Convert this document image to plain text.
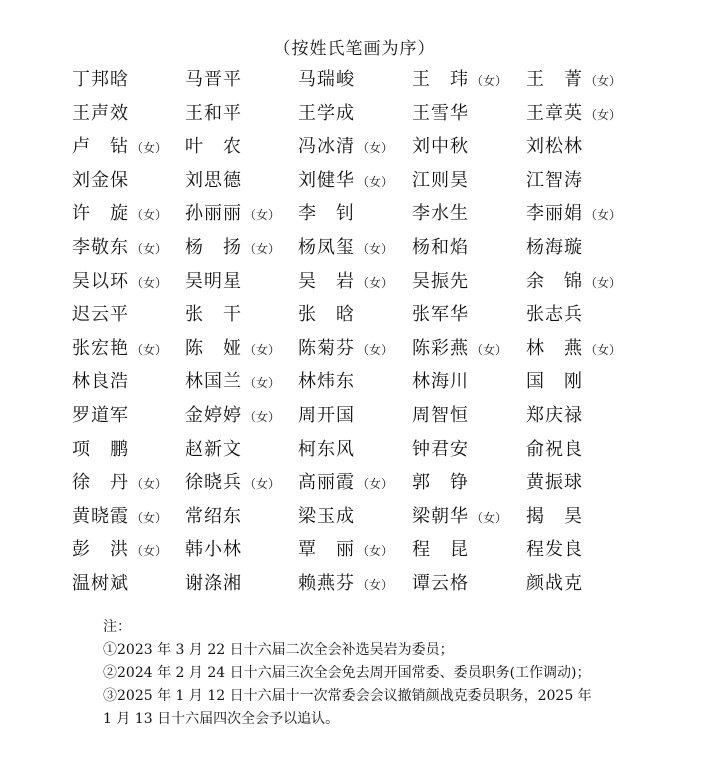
（按姓氏笔画为序）
丁邦晗	马晋平	马瑞峻	王　玮 （女） 王　菁 （女）
王声效	王和平	王学成	王雪华	王章英 （女）
卢　钻 （女） 叶　农	冯冰清 （女） 刘中秋	刘松林
刘金保	刘思德	刘健华 （女） 江则昊	江智涛
许　旋 （女） 孙丽丽 （女） 李　钊	李水生	李丽娟 （女）
李敬东 （女） 杨　扬 （女） 杨凤玺 （女） 杨和焰	杨海璇
吴以环 （女） 吴明星	吴　岩 （女） 吴振先	余　锦 （女）
迟云平	张　干	张　晗	张军华	张志兵
张宏艳 （女） 陈　娅 （女） 陈菊芬 （女） 陈彩燕 （女） 林　燕 （女）
林良浩	林国兰 （女） 林炜东	林海川	国　刚
罗道军	金婷婷 （女） 周开国	周智恒	郑庆禄
项　鹏	赵新文	柯东风	钟君安	俞祝良
徐　丹 （女） 徐晓兵 （女） 高丽霞 （女） 郭　铮	黄振球
黄晓霞 （女） 常绍东	梁玉成	梁朝华 （女） 揭　昊
彭　洪 （女） 韩小林	覃　丽 （女） 程　昆	程发良
温树斌	谢涤湘	赖燕芬 （女） 谭云格	颜战克
注：
①2023 年 3 月 22 日十六届二次全会补选吴岩为委员；
②2024 年 2 月 24 日十六届三次全会免去周开国常委、委员职务(工作调动)；
③2025 年 1 月 12 日十六届十一次常委会会议撤销颜战克委员职务，2025 年
1 月 13 日十六届四次全会予以追认。
